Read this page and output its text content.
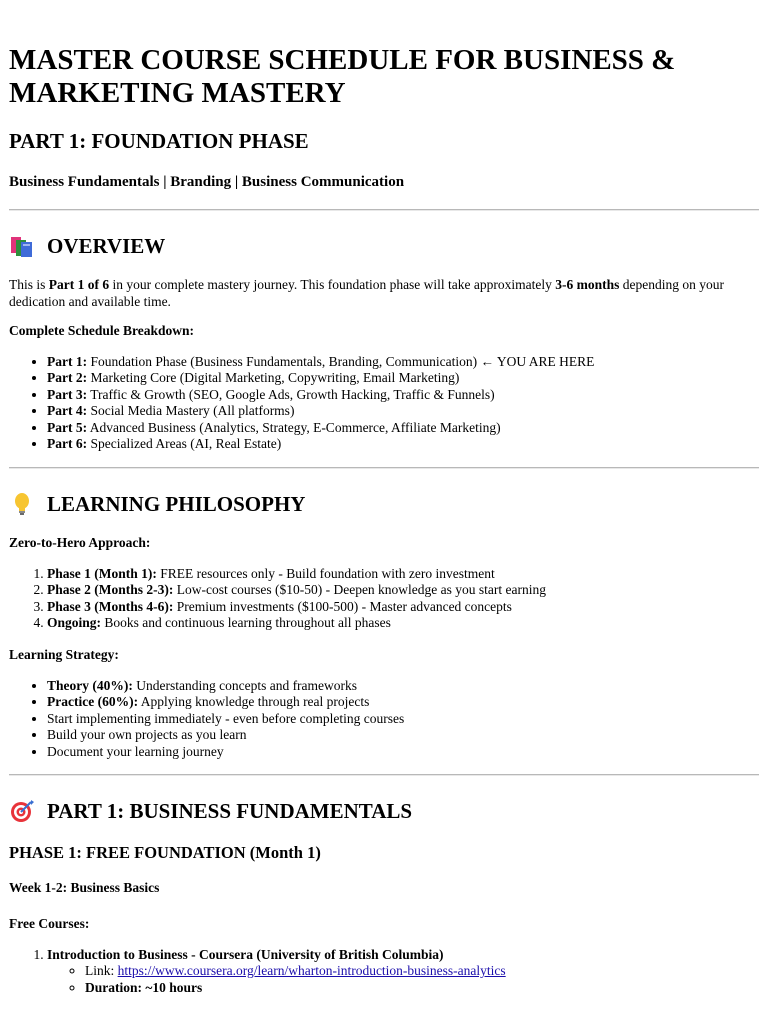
MASTER COURSE SCHEDULE FOR BUSINESS & MARKETING MASTERY
PART 1: FOUNDATION PHASE
Business Fundamentals | Branding | Business Communication
OVERVIEW
This is Part 1 of 6 in your complete mastery journey. This foundation phase will take approximately 3-6 months depending on your dedication and available time.
Complete Schedule Breakdown:
• Part 1: Foundation Phase (Business Fundamentals, Branding, Communication) ← YOU ARE HERE
• Part 2: Marketing Core (Digital Marketing, Copywriting, Email Marketing)
• Part 3: Traffic & Growth (SEO, Google Ads, Growth Hacking, Traffic & Funnels)
• Part 4: Social Media Mastery (All platforms)
• Part 5: Advanced Business (Analytics, Strategy, E-Commerce, Affiliate Marketing)
• Part 6: Specialized Areas (AI, Real Estate)
LEARNING PHILOSOPHY
Zero-to-Hero Approach:
1. Phase 1 (Month 1): FREE resources only - Build foundation with zero investment
2. Phase 2 (Months 2-3): Low-cost courses ($10-50) - Deepen knowledge as you start earning
3. Phase 3 (Months 4-6): Premium investments ($100-500) - Master advanced concepts
4. Ongoing: Books and continuous learning throughout all phases
Learning Strategy:
• Theory (40%): Understanding concepts and frameworks
• Practice (60%): Applying knowledge through real projects
• Start implementing immediately - even before completing courses
• Build your own projects as you learn
• Document your learning journey
PART 1: BUSINESS FUNDAMENTALS
PHASE 1: FREE FOUNDATION (Month 1)
Week 1-2: Business Basics
Free Courses:
1. Introduction to Business - Coursera (University of British Columbia)
◦ Link: https://www.coursera.org/learn/wharton-introduction-business-analytics
◦ Duration: ~10 hours
